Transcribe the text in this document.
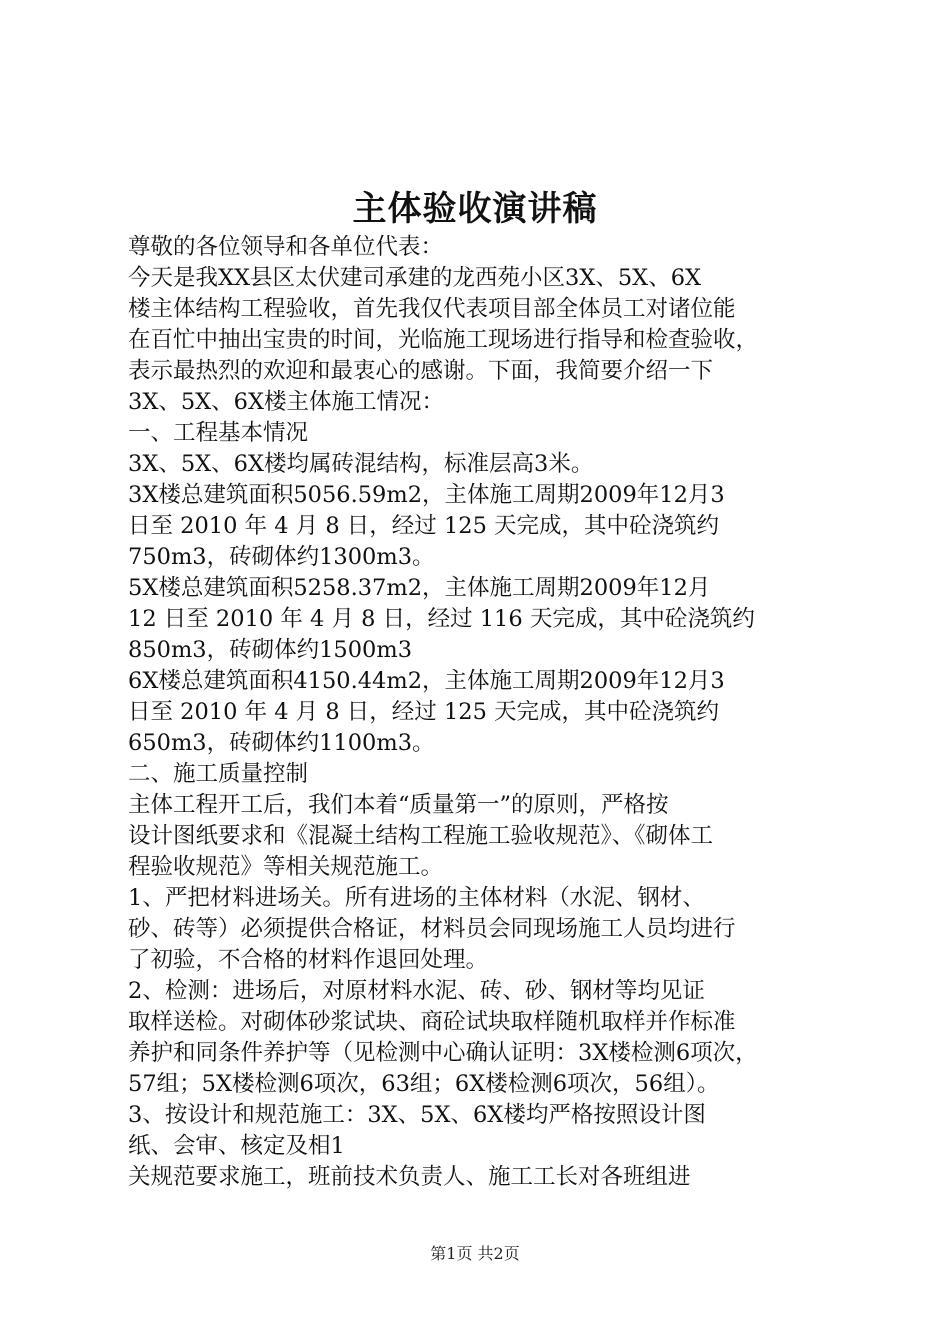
主体验收演讲稿

尊敬的各位领导和各单位代表：

今天是我XX县区太伏建司承建的龙西苑小区3X、5X、6X
楼主体结构工程验收，首先我仅代表项目部全体员工对诸位能
在百忙中抽出宝贵的时间，光临施工现场进行指导和检查验收，
表示最热烈的欢迎和最衷心的感谢。下面，我简要介绍一下
3X、5X、6X楼主体施工情况：

一、工程基本情况

3X、5X、6X楼均属砖混结构，标准层高3米。

3X楼总建筑面积5056.59m2，主体施工周期2009年12月3
日至 2010 年 4 月 8 日，经过 125 天完成，其中砼浇筑约
750m3，砖砌体约1300m3。

5X楼总建筑面积5258.37m2，主体施工周期2009年12月
12 日至 2010 年 4 月 8 日，经过 116 天完成，其中砼浇筑约
850m3，砖砌体约1500m3

6X楼总建筑面积4150.44m2，主体施工周期2009年12月3
日至 2010 年 4 月 8 日，经过 125 天完成，其中砼浇筑约
650m3，砖砌体约1100m3。

二、施工质量控制

主体工程开工后，我们本着“质量第一”的原则，严格按
设计图纸要求和《混凝土结构工程施工验收规范》、《砌体工
程验收规范》等相关规范施工。

1、严把材料进场关。所有进场的主体材料（水泥、钢材、
砂、砖等）必须提供合格证，材料员会同现场施工人员均进行
了初验，不合格的材料作退回处理。

2、检测：进场后，对原材料水泥、砖、砂、钢材等均见证
取样送检。对砌体砂浆试块、商砼试块取样随机取样并作标准
养护和同条件养护等（见检测中心确认证明：3X楼检测6项次，
57组；5X楼检测6项次，63组；6X楼检测6项次，56组）。

3、按设计和规范施工：3X、5X、6X楼均严格按照设计图
纸、会审、核定及相1

关规范要求施工，班前技术负责人、施工工长对各班组进

第1页 共2页
